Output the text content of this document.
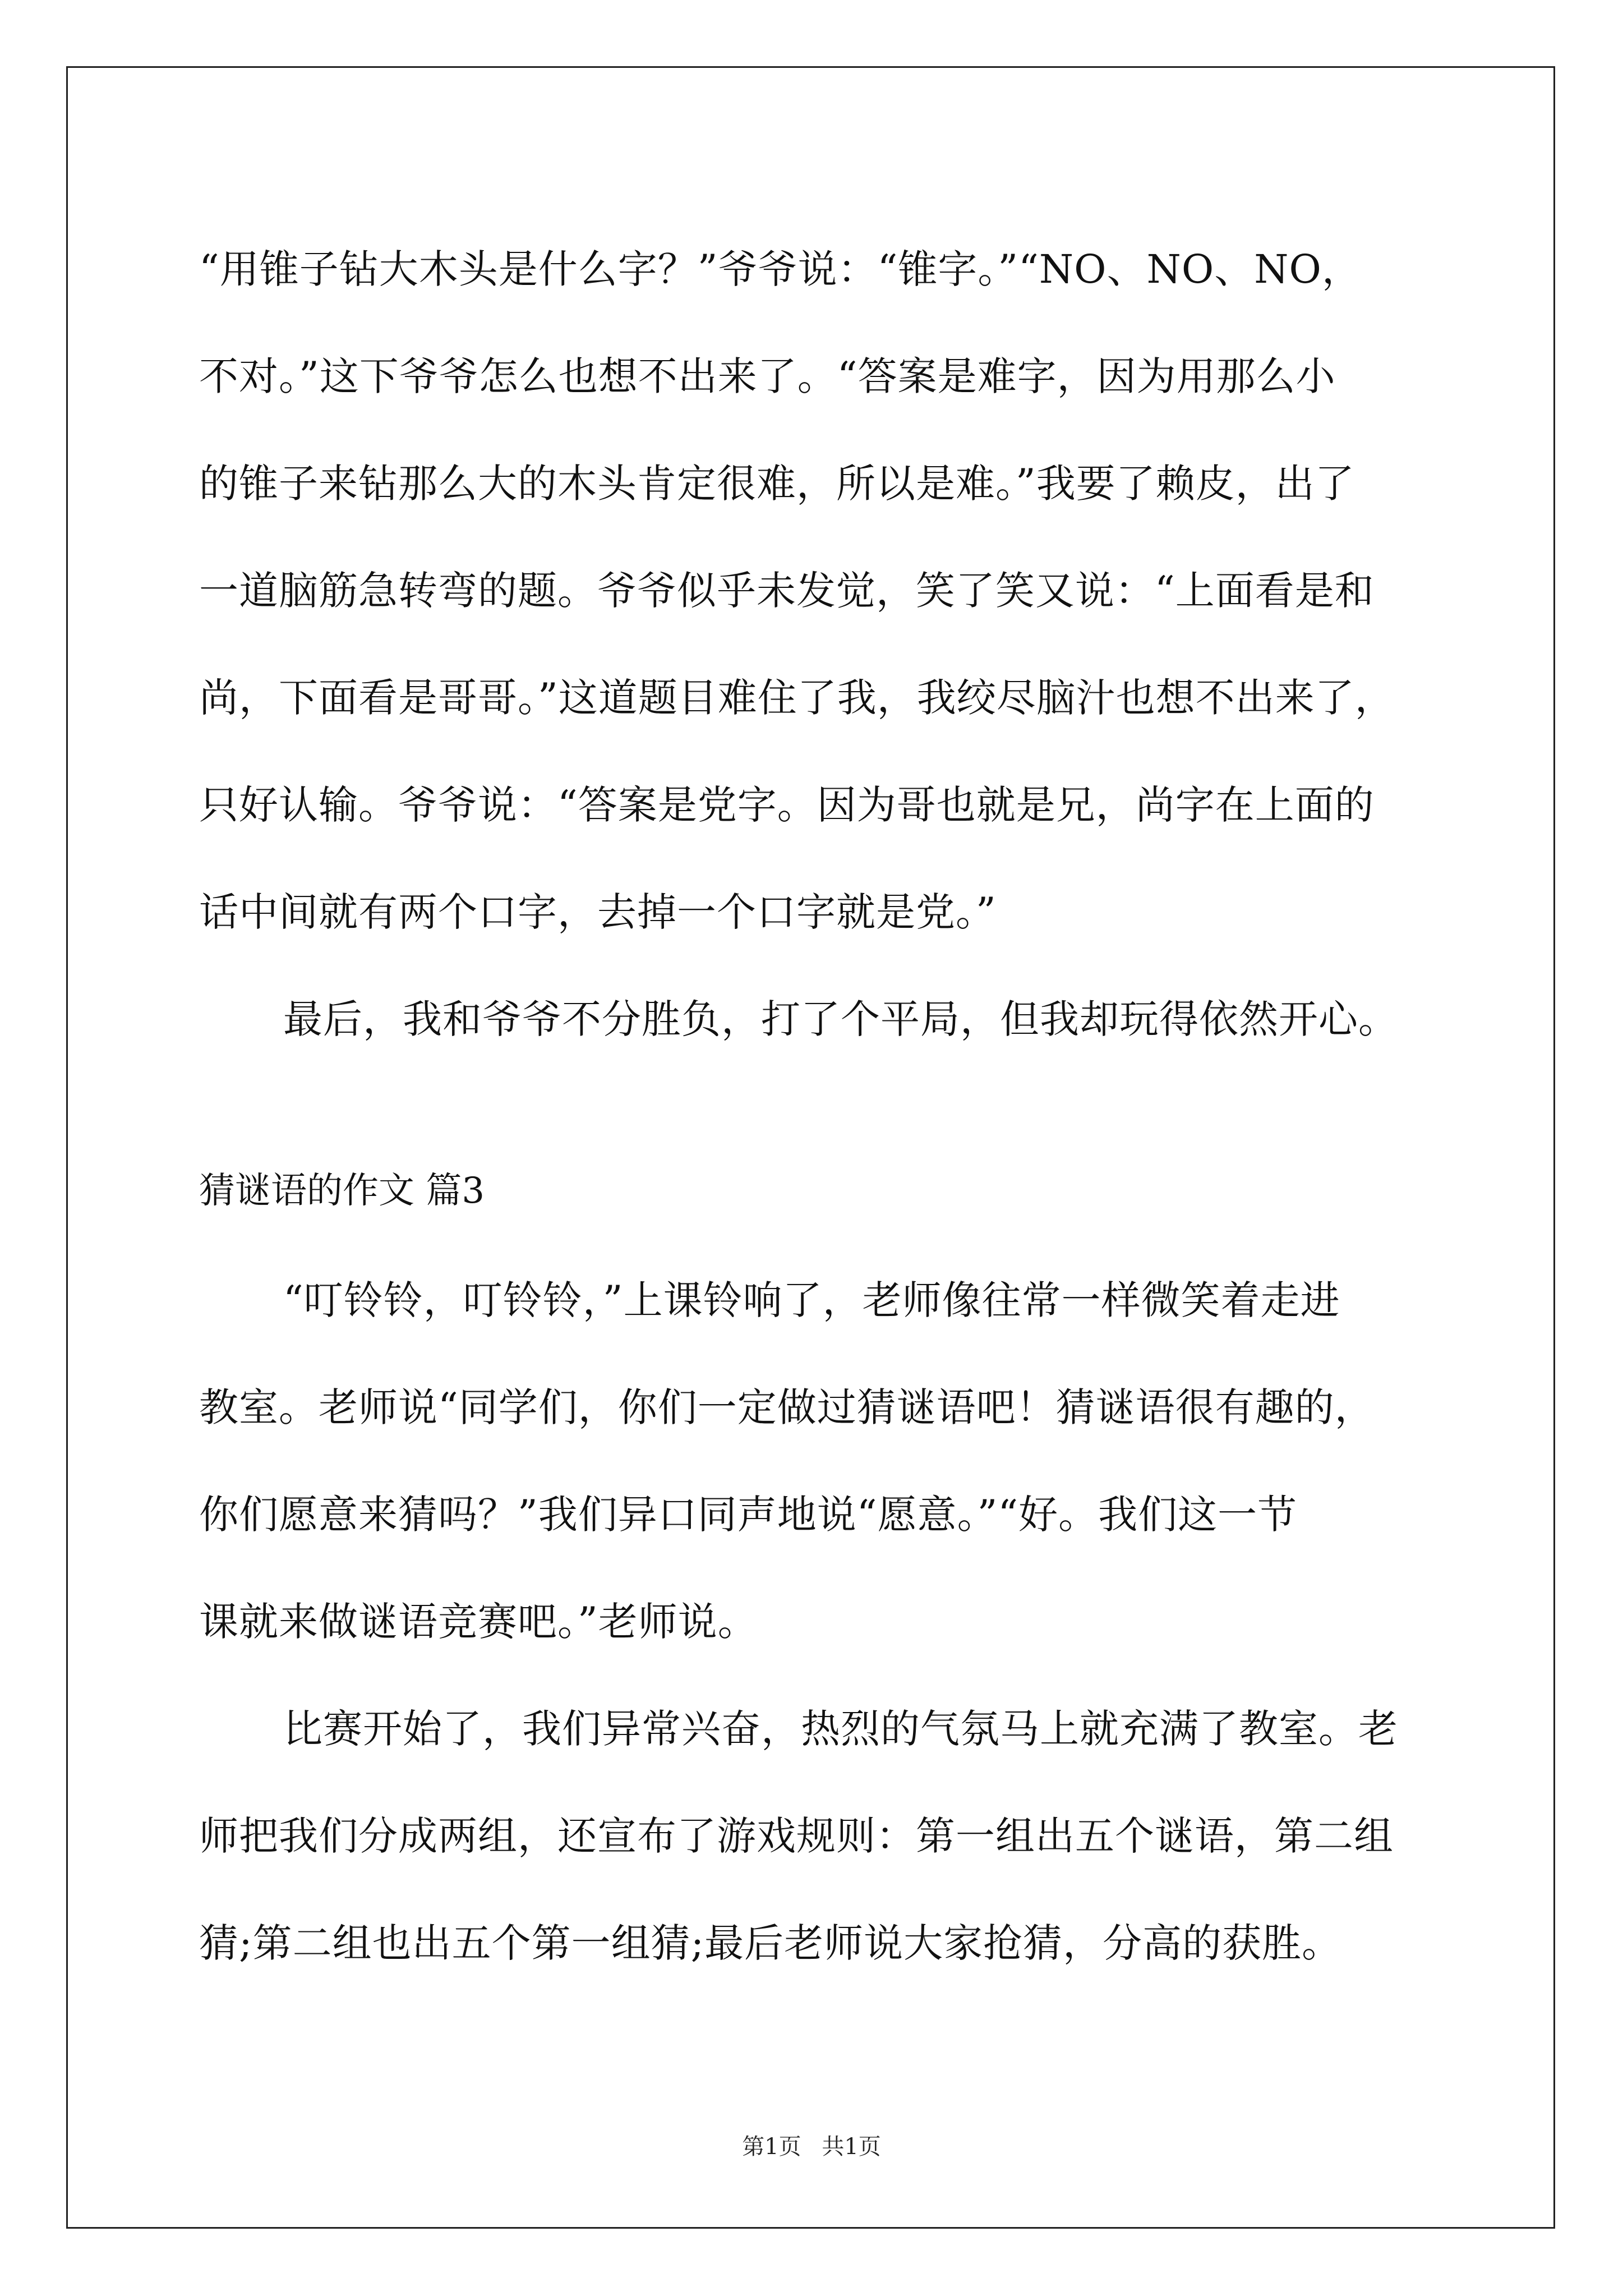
“用锥子钻大木头是什么字？”爷爷说：“锥字。”“NO、NO、NO，
不对。”这下爷爷怎么也想不出来了。“答案是难字，因为用那么小
的锥子来钻那么大的木头肯定很难，所以是难。”我要了赖皮，出了
一道脑筋急转弯的题。爷爷似乎未发觉，笑了笑又说：“上面看是和
尚，下面看是哥哥。”这道题目难住了我，我绞尽脑汁也想不出来了，
只好认输。爷爷说：“答案是党字。因为哥也就是兄，尚字在上面的
话中间就有两个口字，去掉一个口字就是党。”
最后，我和爷爷不分胜负，打了个平局，但我却玩得依然开心。
猜谜语的作文 篇3
“叮铃铃，叮铃铃，”上课铃响了，老师像往常一样微笑着走进
教室。老师说“同学们，你们一定做过猜谜语吧！猜谜语很有趣的，
你们愿意来猜吗？”我们异口同声地说“愿意。”“好。我们这一节
课就来做谜语竞赛吧。”老师说。
比赛开始了，我们异常兴奋，热烈的气氛马上就充满了教室。老
师把我们分成两组，还宣布了游戏规则：第一组出五个谜语，第二组
猜;第二组也出五个第一组猜;最后老师说大家抢猜，分高的获胜。
第1页 共1页
